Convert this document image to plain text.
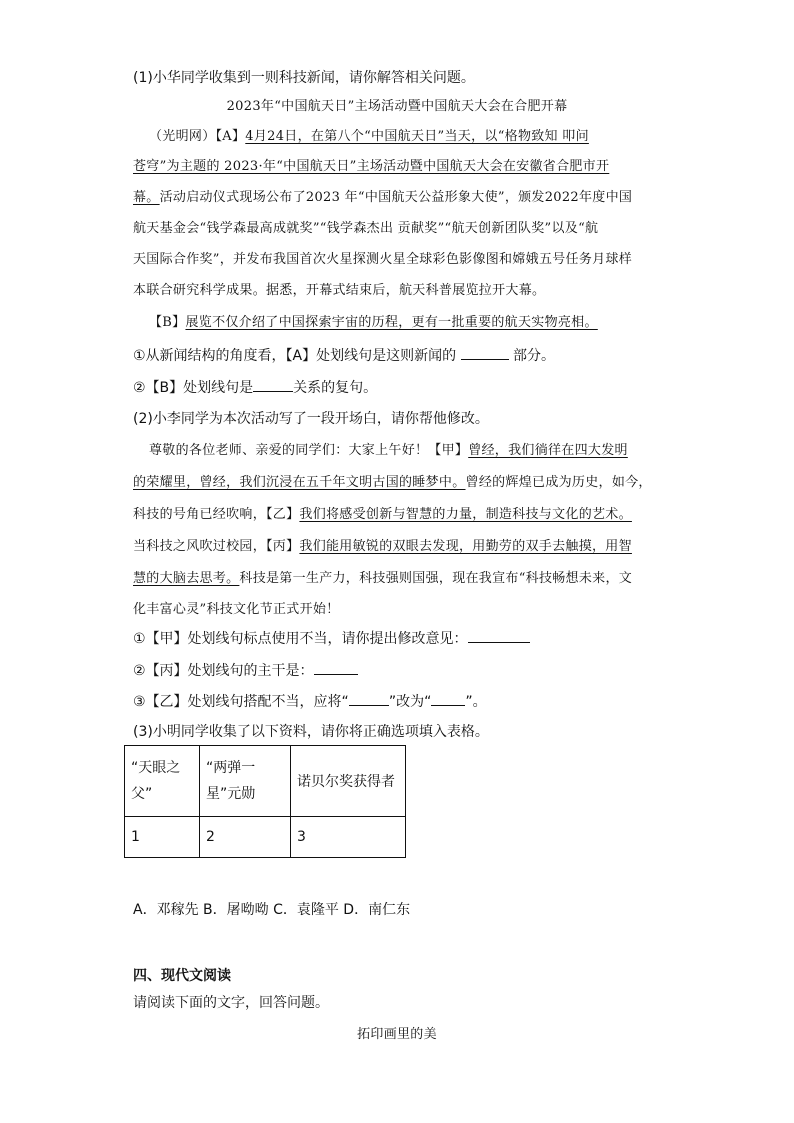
(1)小华同学收集到一则科技新闻，请你解答相关问题。
2023年“中国航天日”主场活动暨中国航天大会在合肥开幕
（光明网）【A】4月24日，在第八个“中国航天日”当天，以“格物致知 叩问
苍穹”为主题的 2023·年“中国航天日”主场活动暨中国航天大会在安徽省合肥市开
幕。活动启动仪式现场公布了2023 年“中国航天公益形象大使”，颁发2022年度中国
航天基金会“钱学森最高成就奖”“钱学森杰出 贡献奖”“航天创新团队奖”以及“航
天国际合作奖”，并发布我国首次火星探测火星全球彩色影像图和嫦娥五号任务月球样
本联合研究科学成果。据悉，开幕式结束后，航天科普展览拉开大幕。
【B】展览不仅介绍了中国探索宇宙的历程，更有一批重要的航天实物亮相。
①从新闻结构的角度看，【A】处划线句是这则新闻的	部分。
②【B】处划线句是	关系的复句。
(2)小李同学为本次活动写了一段开场白，请你帮他修改。
尊敬的各位老师、亲爱的同学们：大家上午好！【甲】曾经，我们徜徉在四大发明
的荣耀里，曾经，我们沉浸在五千年文明古国的睡梦中。曾经的辉煌已成为历史，如今，
科技的号角已经吹响，【乙】我们将感受创新与智慧的力量，制造科技与文化的艺术。
当科技之风吹过校园，【丙】我们能用敏锐的双眼去发现，用勤劳的双手去触摸，用智
慧的大脑去思考。科技是第一生产力，科技强则国强，现在我宣布“科技畅想未来，文
化丰富心灵”科技文化节正式开始！
①【甲】处划线句标点使用不当，请你提出修改意见：
②【丙】处划线句的主干是：
③【乙】处划线句搭配不当，应将“	”改为“ ”。
(3)小明同学收集了以下资料，请你将正确选项填入表格。
“天眼之父”	“两弹一星”元勋	诺贝尔奖获得者
1	2	3
A．邓稼先 B．屠呦呦 C．袁隆平 D．南仁东
四、现代文阅读
请阅读下面的文字，回答问题。
拓印画里的美
